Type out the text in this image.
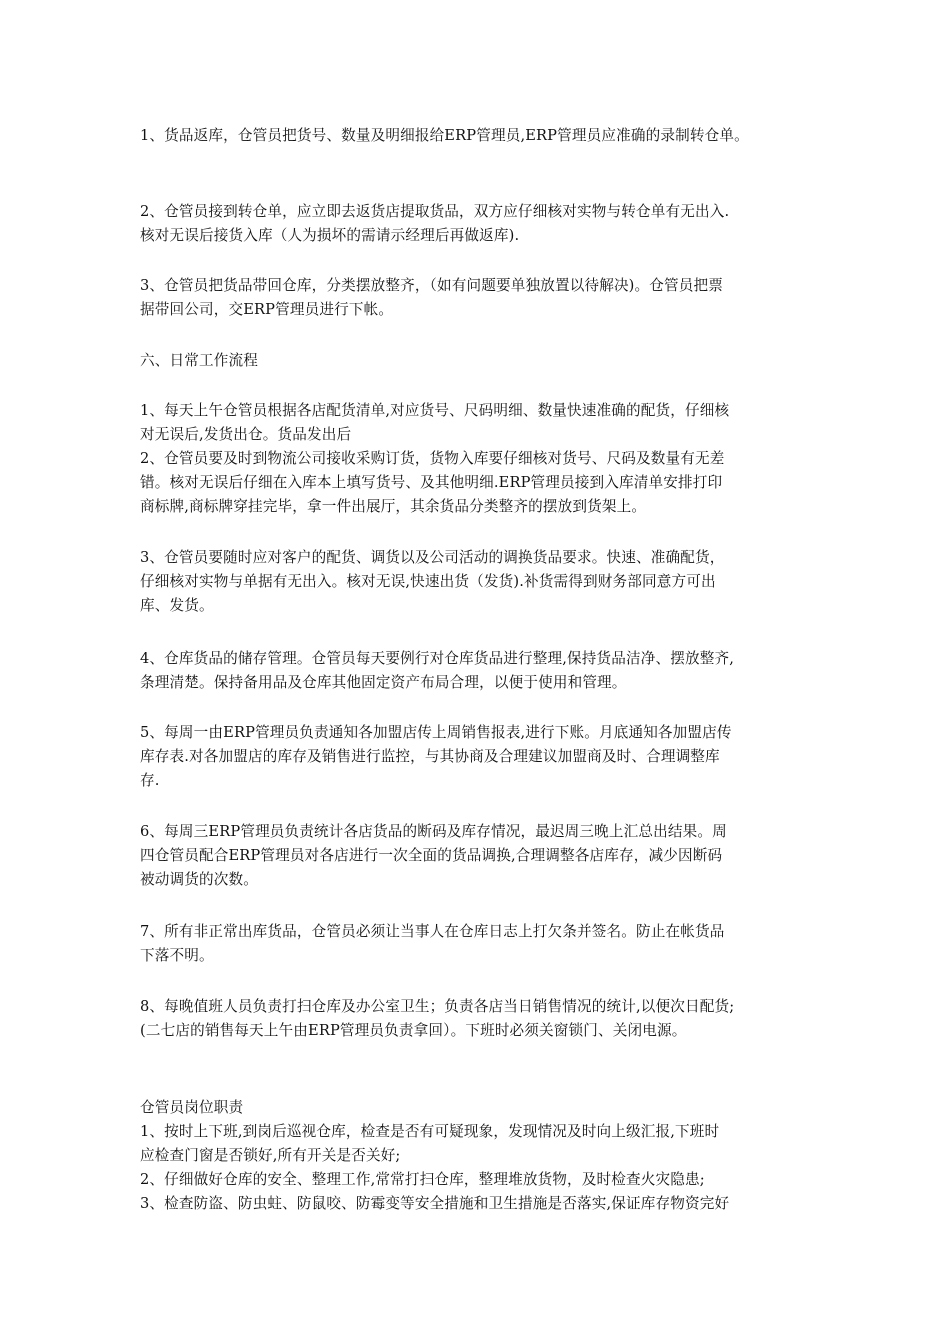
1、货品返库，仓管员把货号、数量及明细报给ERP管理员,ERP管理员应准确的录制转仓单。
2、仓管员接到转仓单，应立即去返货店提取货品，双方应仔细核对实物与转仓单有无出入.
核对无误后接货入库（人为损坏的需请示经理后再做返库).
3、仓管员把货品带回仓库，分类摆放整齐，（如有问题要单独放置以待解决)。仓管员把票
据带回公司，交ERP管理员进行下帐。
六、日常工作流程
1、每天上午仓管员根据各店配货清单,对应货号、尺码明细、数量快速准确的配货，仔细核
对无误后,发货出仓。货品发出后
2、仓管员要及时到物流公司接收采购订货，货物入库要仔细核对货号、尺码及数量有无差
错。核对无误后仔细在入库本上填写货号、及其他明细.ERP管理员接到入库清单安排打印
商标牌,商标牌穿挂完毕，拿一件出展厅，其余货品分类整齐的摆放到货架上。
3、仓管员要随时应对客户的配货、调货以及公司活动的调换货品要求。快速、准确配货，
仔细核对实物与单据有无出入。核对无误,快速出货（发货).补货需得到财务部同意方可出
库、发货。
4、仓库货品的储存管理。仓管员每天要例行对仓库货品进行整理,保持货品洁净、摆放整齐,
条理清楚。保持备用品及仓库其他固定资产布局合理，以便于使用和管理。
5、每周一由ERP管理员负责通知各加盟店传上周销售报表,进行下账。月底通知各加盟店传
库存表.对各加盟店的库存及销售进行监控，与其协商及合理建议加盟商及时、合理调整库
存.
6、每周三ERP管理员负责统计各店货品的断码及库存情况，最迟周三晚上汇总出结果。周
四仓管员配合ERP管理员对各店进行一次全面的货品调换,合理调整各店库存，减少因断码
被动调货的次数。
7、所有非正常出库货品，仓管员必须让当事人在仓库日志上打欠条并签名。防止在帐货品
下落不明。
8、每晚值班人员负责打扫仓库及办公室卫生；负责各店当日销售情况的统计,以便次日配货;
(二七店的销售每天上午由ERP管理员负责拿回）。下班时必须关窗锁门、关闭电源。
仓管员岗位职责
1、按时上下班,到岗后巡视仓库，检查是否有可疑现象，发现情况及时向上级汇报,下班时
应检查门窗是否锁好,所有开关是否关好;
2、仔细做好仓库的安全、整理工作,常常打扫仓库，整理堆放货物，及时检查火灾隐患;
3、检查防盗、防虫蛀、防鼠咬、防霉变等安全措施和卫生措施是否落实,保证库存物资完好
